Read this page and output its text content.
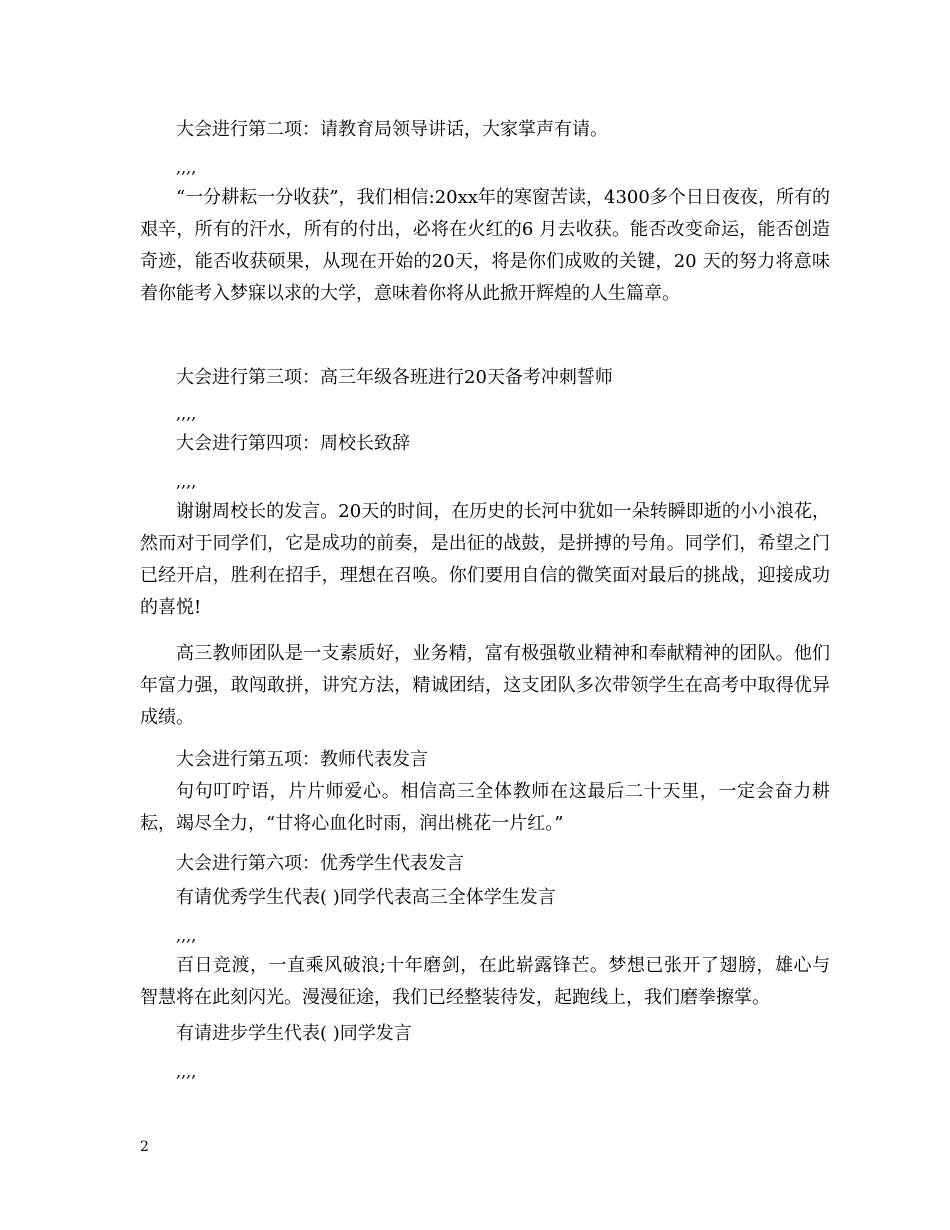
大会进行第二项：请教育局领导讲话，大家掌声有请。

,,,,

“一分耕耘一分收获”，我们相信:20xx年的寒窗苦读，4300多个日日夜夜，所有的艰辛，所有的汗水，所有的付出，必将在火红的6 月去收获。能否改变命运，能否创造奇迹，能否收获硕果，从现在开始的20天，将是你们成败的关键，20 天的努力将意味着你能考入梦寐以求的大学，意味着你将从此掀开辉煌的人生篇章。

大会进行第三项：高三年级各班进行20天备考冲刺誓师

,,,,

大会进行第四项：周校长致辞

,,,,

谢谢周校长的发言。20天的时间，在历史的长河中犹如一朵转瞬即逝的小小浪花，然而对于同学们，它是成功的前奏，是出征的战鼓，是拼搏的号角。同学们，希望之门已经开启，胜利在招手，理想在召唤。你们要用自信的微笑面对最后的挑战，迎接成功的喜悦!

高三教师团队是一支素质好，业务精，富有极强敬业精神和奉献精神的团队。他们年富力强，敢闯敢拼，讲究方法，精诚团结，这支团队多次带领学生在高考中取得优异成绩。

大会进行第五项：教师代表发言

句句叮咛语，片片师爱心。相信高三全体教师在这最后二十天里，一定会奋力耕耘，竭尽全力，“甘将心血化时雨，润出桃花一片红。”

大会进行第六项：优秀学生代表发言

有请优秀学生代表( )同学代表高三全体学生发言

,,,,

百日竞渡，一直乘风破浪;十年磨剑，在此崭露锋芒。梦想已张开了翅膀，雄心与智慧将在此刻闪光。漫漫征途，我们已经整装待发，起跑线上，我们磨拳擦掌。

有请进步学生代表( )同学发言

,,,,

2
